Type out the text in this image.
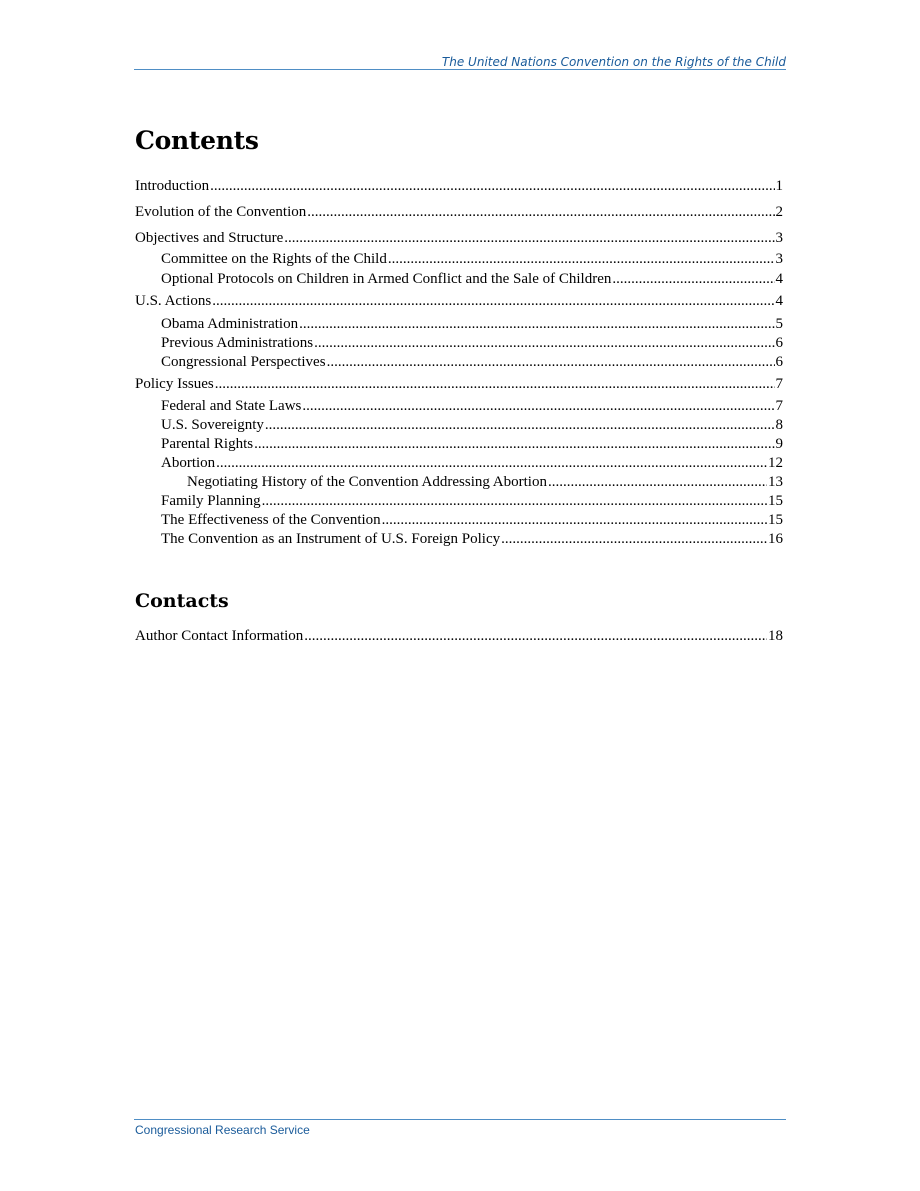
The United Nations Convention on the Rights of the Child
Contents
Introduction .....	1
Evolution of the Convention .....	2
Objectives and Structure .....	3
Committee on the Rights of the Child .....	3
Optional Protocols on Children in Armed Conflict and the Sale of Children .....	4
U.S. Actions .....	4
Obama Administration .....	5
Previous Administrations .....	6
Congressional Perspectives .....	6
Policy Issues .....	7
Federal and State Laws .....	7
U.S. Sovereignty .....	8
Parental Rights .....	9
Abortion .....	12
Negotiating History of the Convention Addressing Abortion .....	13
Family Planning .....	15
The Effectiveness of the Convention .....	15
The Convention as an Instrument of U.S. Foreign Policy .....	16
Contacts
Author Contact Information .....	18
Congressional Research Service
